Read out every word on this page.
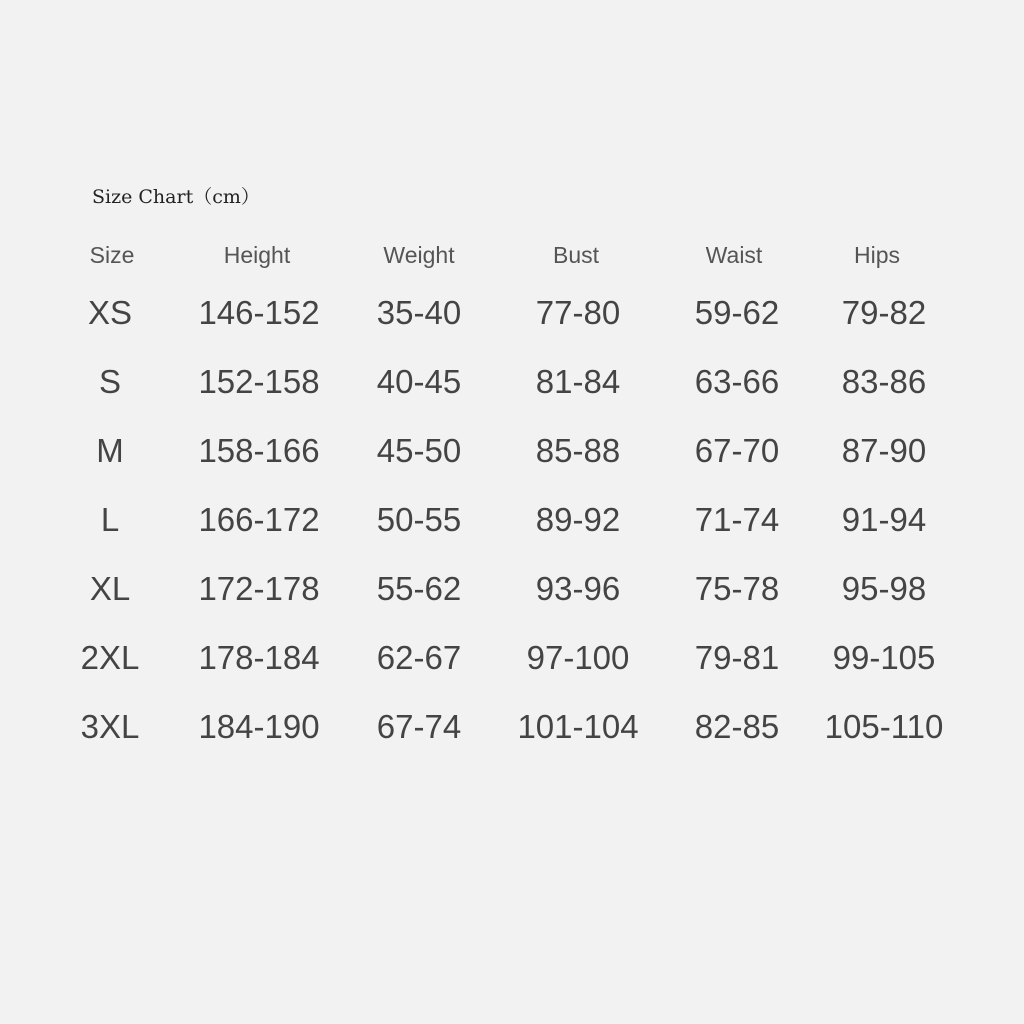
Size Chart（cm）
Size	Height	Weight	Bust	Waist	Hips
XS 146-152 35-40 77-80 59-62 79-82
S 152-158 40-45 81-84 63-66 83-86
M 158-166 45-50 85-88 67-70 87-90
L 166-172 50-55 89-92 71-74 91-94
XL 172-178 55-62 93-96 75-78 95-98
2XL 178-184 62-67 97-100 79-81 99-105
3XL 184-190 67-74 101-104 82-85 105-110
